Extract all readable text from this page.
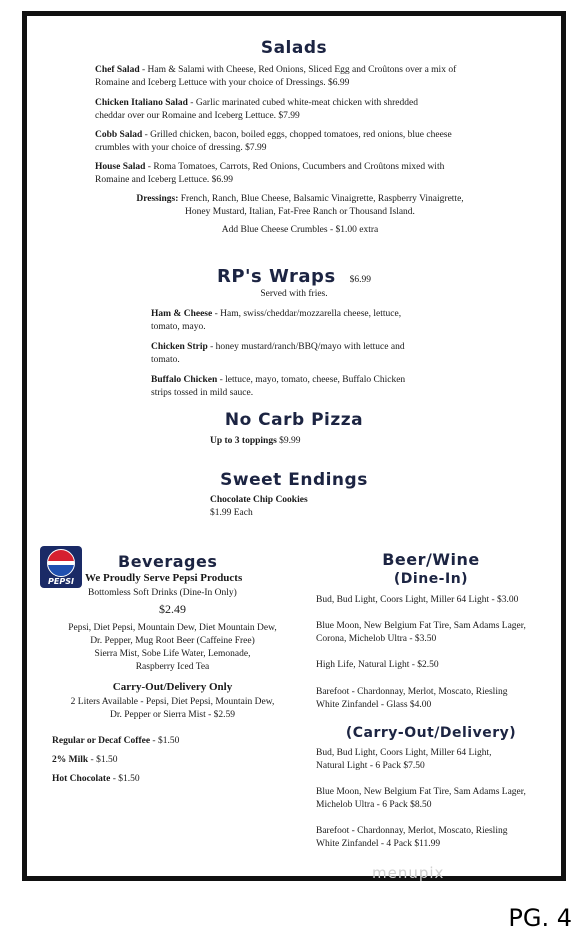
Salads
Chef Salad - Ham & Salami with Cheese, Red Onions, Sliced Egg and Croûtons over a mix of
Romaine and Iceberg Lettuce with your choice of Dressings. $6.99
Chicken Italiano Salad - Garlic marinated cubed white-meat chicken with shredded
cheddar over our Romaine and Iceberg Lettuce. $7.99
Cobb Salad - Grilled chicken, bacon, boiled eggs, chopped tomatoes, red onions, blue cheese
crumbles with your choice of dressing. $7.99
House Salad - Roma Tomatoes, Carrots, Red Onions, Cucumbers and Croûtons mixed with
Romaine and Iceberg Lettuce. $6.99
Dressings: French, Ranch, Blue Cheese, Balsamic Vinaigrette, Raspberry Vinaigrette,
Honey Mustard, Italian, Fat-Free Ranch or Thousand Island.
Add Blue Cheese Crumbles - $1.00 extra
RP's Wraps $6.99
Served with fries.
Ham & Cheese - Ham, swiss/cheddar/mozzarella cheese, lettuce,
tomato, mayo.
Chicken Strip - honey mustard/ranch/BBQ/mayo with lettuce and
tomato.
Buffalo Chicken - lettuce, mayo, tomato, cheese, Buffalo Chicken
strips tossed in mild sauce.
No Carb Pizza
Up to 3 toppings $9.99
Sweet Endings
Chocolate Chip Cookies
$1.99 Each
PEPSI
Beverages
We Proudly Serve Pepsi Products
Bottomless Soft Drinks (Dine-In Only)
$2.49
Pepsi, Diet Pepsi, Mountain Dew, Diet Mountain Dew,
Dr. Pepper, Mug Root Beer (Caffeine Free)
Sierra Mist, Sobe Life Water, Lemonade,
Raspberry Iced Tea
Carry-Out/Delivery Only
2 Liters Available - Pepsi, Diet Pepsi, Mountain Dew,
Dr. Pepper or Sierra Mist - $2.59
Regular or Decaf Coffee - $1.50
2% Milk - $1.50
Hot Chocolate - $1.50
Beer/Wine
(Dine-In)
Bud, Bud Light, Coors Light, Miller 64 Light - $3.00
Blue Moon, New Belgium Fat Tire, Sam Adams Lager,
Corona, Michelob Ultra - $3.50
High Life, Natural Light - $2.50
Barefoot - Chardonnay, Merlot, Moscato, Riesling
White Zinfandel - Glass $4.00
(Carry-Out/Delivery)
Bud, Bud Light, Coors Light, Miller 64 Light,
Natural Light - 6 Pack $7.50
Blue Moon, New Belgium Fat Tire, Sam Adams Lager,
Michelob Ultra - 6 Pack $8.50
Barefoot - Chardonnay, Merlot, Moscato, Riesling
White Zinfandel - 4 Pack $11.99
menupix
PG. 4
